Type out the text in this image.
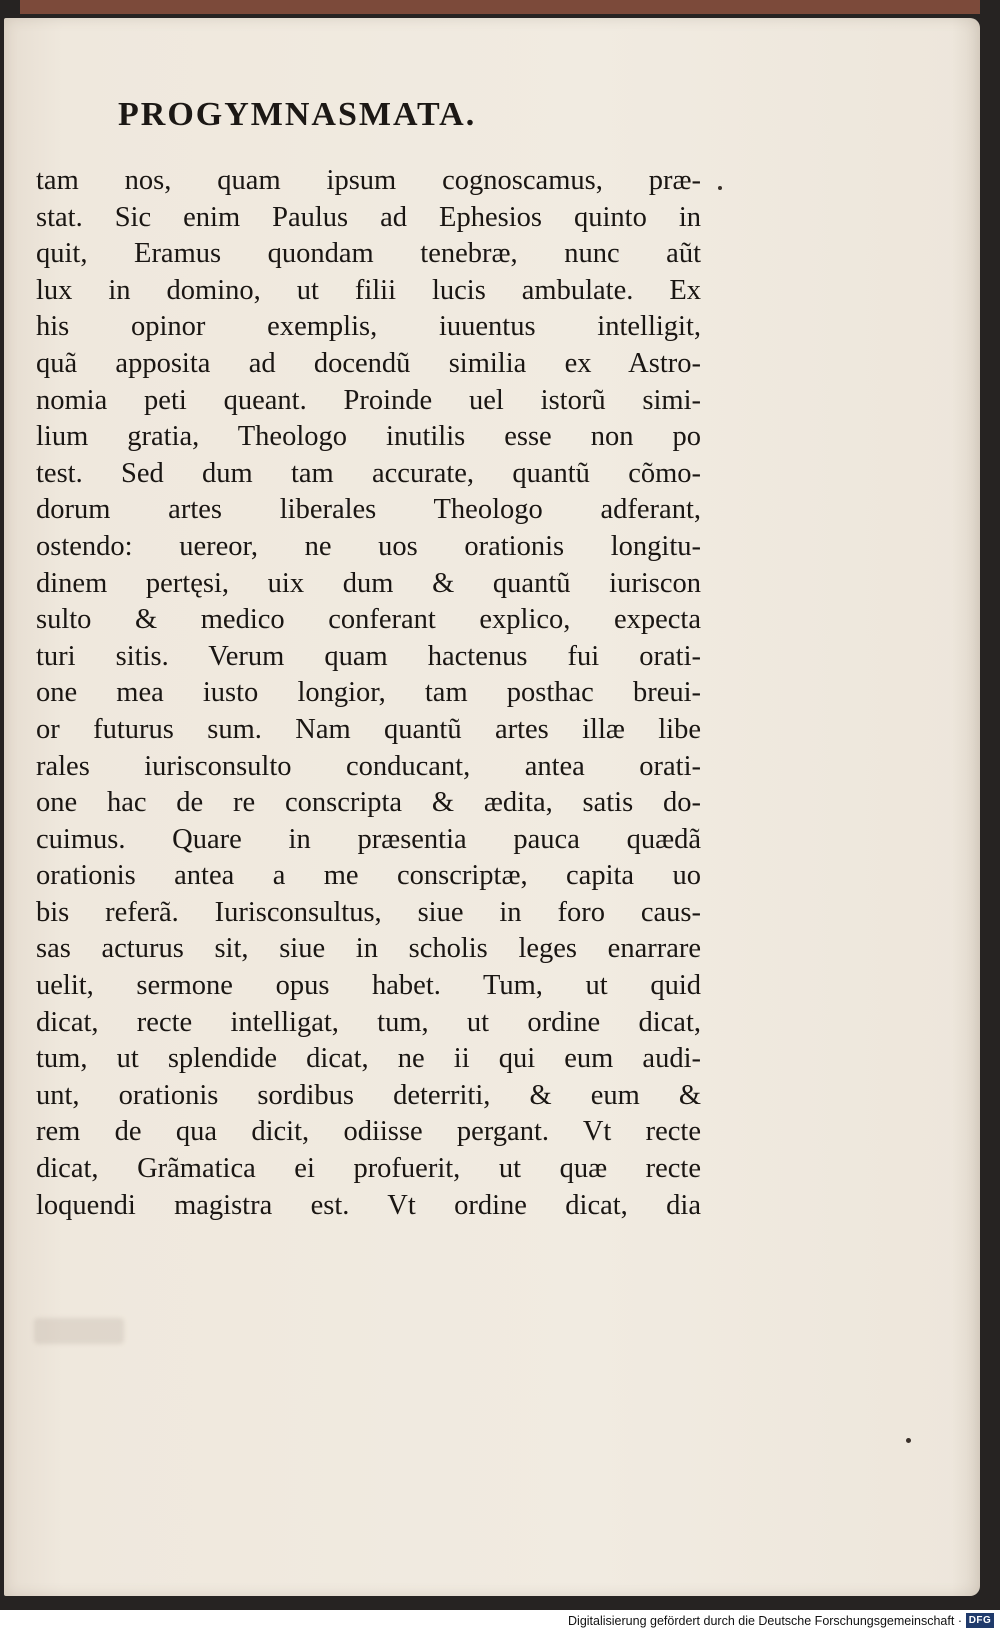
PROGYMNASMATA.
tam nos, quam ipsum cognoscamus, præ-
stat. Sic enim Paulus ad Ephesios quinto in
quit, Eramus quondam tenebræ, nunc aũt
lux in domino, ut filii lucis ambulate. Ex
his opinor exemplis, iuuentus intelligit,
quã apposita ad docendũ similia ex Astro-
nomia peti queant. Proinde uel istorũ simi-
lium gratia, Theologo inutilis esse non po
test. Sed dum tam accurate, quantũ cõmo-
dorum artes liberales Theologo adferant,
ostendo: uereor, ne uos orationis longitu-
dinem pertęsi, uix dum & quantũ iuriscon
sulto & medico conferant explico, expecta
turi sitis. Verum quam hactenus fui orati-
one mea iusto longior, tam posthac breui-
or futurus sum. Nam quantũ artes illæ libe
rales iurisconsulto conducant, antea orati-
one hac de re conscripta & ædita, satis do-
cuimus. Quare in præsentia pauca quædã
orationis antea a me conscriptæ, capita uo
bis referã. Iurisconsultus, siue in foro caus-
sas acturus sit, siue in scholis leges enarrare
uelit, sermone opus habet. Tum, ut quid
dicat, recte intelligat, tum, ut ordine dicat,
tum, ut splendide dicat, ne ii qui eum audi-
unt, orationis sordibus deterriti, & eum &
rem de qua dicit, odiisse pergant. Vt recte
dicat, Grãmatica ei profuerit, ut quæ recte
loquendi magistra est. Vt ordine dicat, dia

Digitalisierung gefördert durch die Deutsche Forschungsgemeinschaft · DFG
